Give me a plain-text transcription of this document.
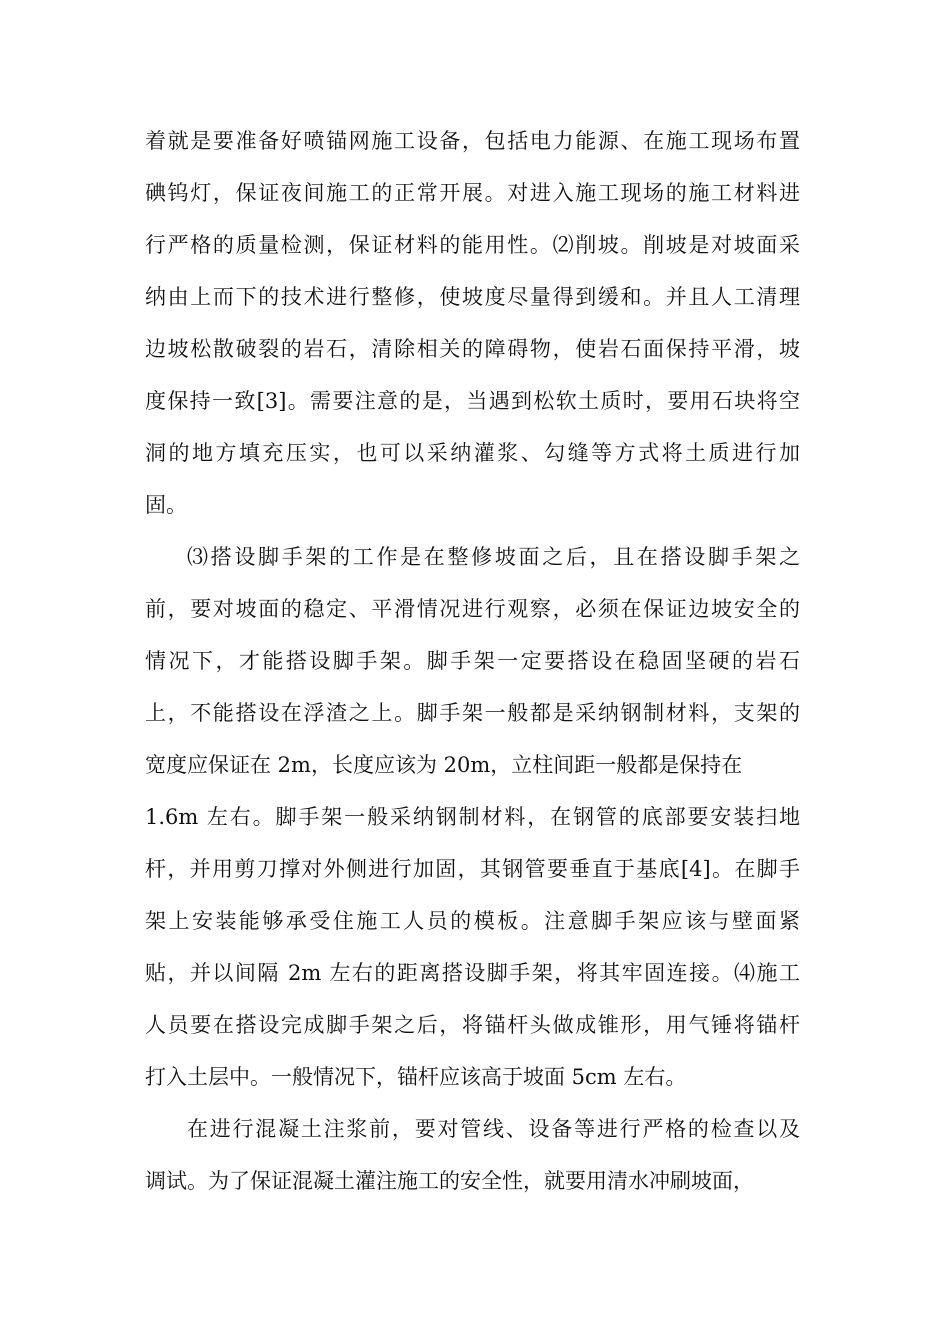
着就是要准备好喷锚网施工设备，包括电力能源、在施工现场布置
碘钨灯，保证夜间施工的正常开展。对进入施工现场的施工材料进
行严格的质量检测，保证材料的能用性。⑵削坡。削坡是对坡面采
纳由上而下的技术进行整修，使坡度尽量得到缓和。并且人工清理
边坡松散破裂的岩石，清除相关的障碍物，使岩石面保持平滑，坡
度保持一致[3]。需要注意的是，当遇到松软土质时，要用石块将空
洞的地方填充压实，也可以采纳灌浆、勾缝等方式将土质进行加
固。
⑶搭设脚手架的工作是在整修坡面之后，且在搭设脚手架之
前，要对坡面的稳定、平滑情况进行观察，必须在保证边坡安全的
情况下，才能搭设脚手架。脚手架一定要搭设在稳固坚硬的岩石
上，不能搭设在浮渣之上。脚手架一般都是采纳钢制材料，支架的
宽度应保证在 2m，长度应该为 20m，立柱间距一般都是保持在
1.6m 左右。脚手架一般采纳钢制材料，在钢管的底部要安装扫地
杆，并用剪刀撑对外侧进行加固，其钢管要垂直于基底[4]。在脚手
架上安装能够承受住施工人员的模板。注意脚手架应该与壁面紧
贴，并以间隔 2m 左右的距离搭设脚手架，将其牢固连接。⑷施工
人员要在搭设完成脚手架之后，将锚杆头做成锥形，用气锤将锚杆
打入土层中。一般情况下，锚杆应该高于坡面 5cm 左右。
在进行混凝土注浆前，要对管线、设备等进行严格的检查以及
调试。为了保证混凝土灌注施工的安全性，就要用清水冲刷坡面，
